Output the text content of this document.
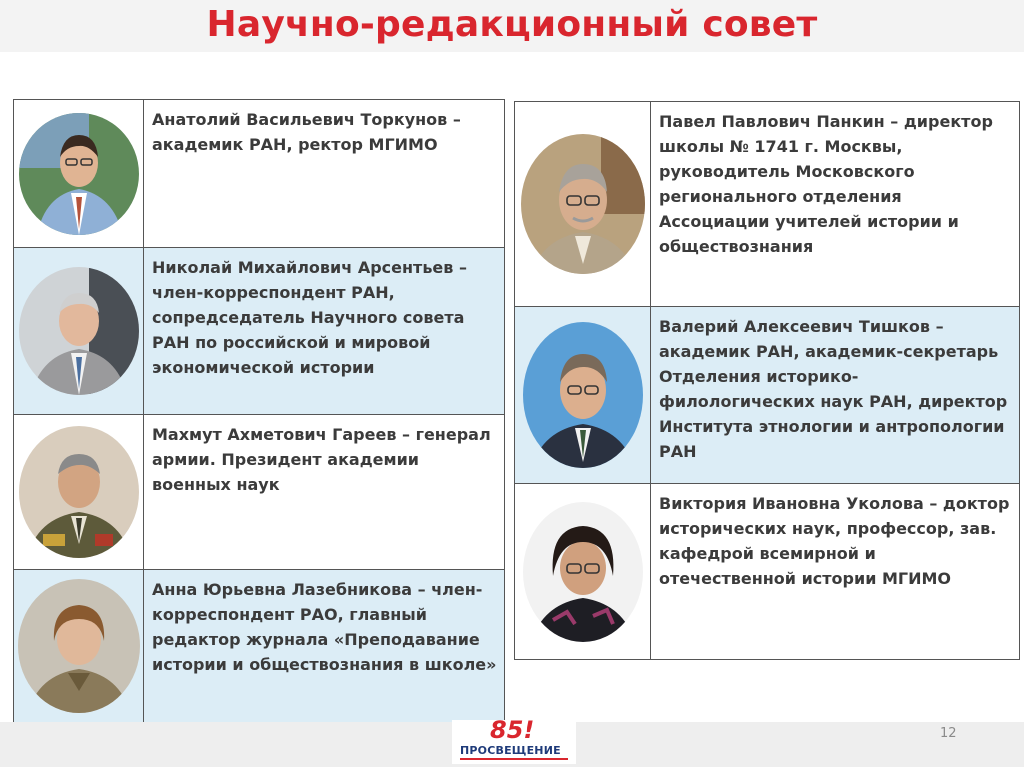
Научно-редакционный совет
	Анатолий Васильевич Торкунов – академик РАН, ректор МГИМО

	Николай Михайлович Арсентьев – член-корреспондент РАН, сопредседатель Научного совета РАН по российской и мировой экономической истории

	Махмут Ахметович Гареев – генерал армии. Президент академии военных наук

	Анна Юрьевна Лазебникова – член-корреспондент РАО, главный редактор журнала «Преподавание истории и обществознания в школе»
	Павел Павлович Панкин – директор школы № 1741 г. Москвы, руководитель Московского регионального отделения Ассоциации учителей истории и обществознания

	Валерий Алексеевич Тишков – академик РАН, академик-секретарь Отделения историко-филологических наук РАН, директор Института этнологии и антропологии РАН

	Виктория Ивановна Уколова – доктор исторических наук, профессор, зав. кафедрой всемирной и отечественной истории МГИМО
85!
ПРОСВЕЩЕНИЕ
12
